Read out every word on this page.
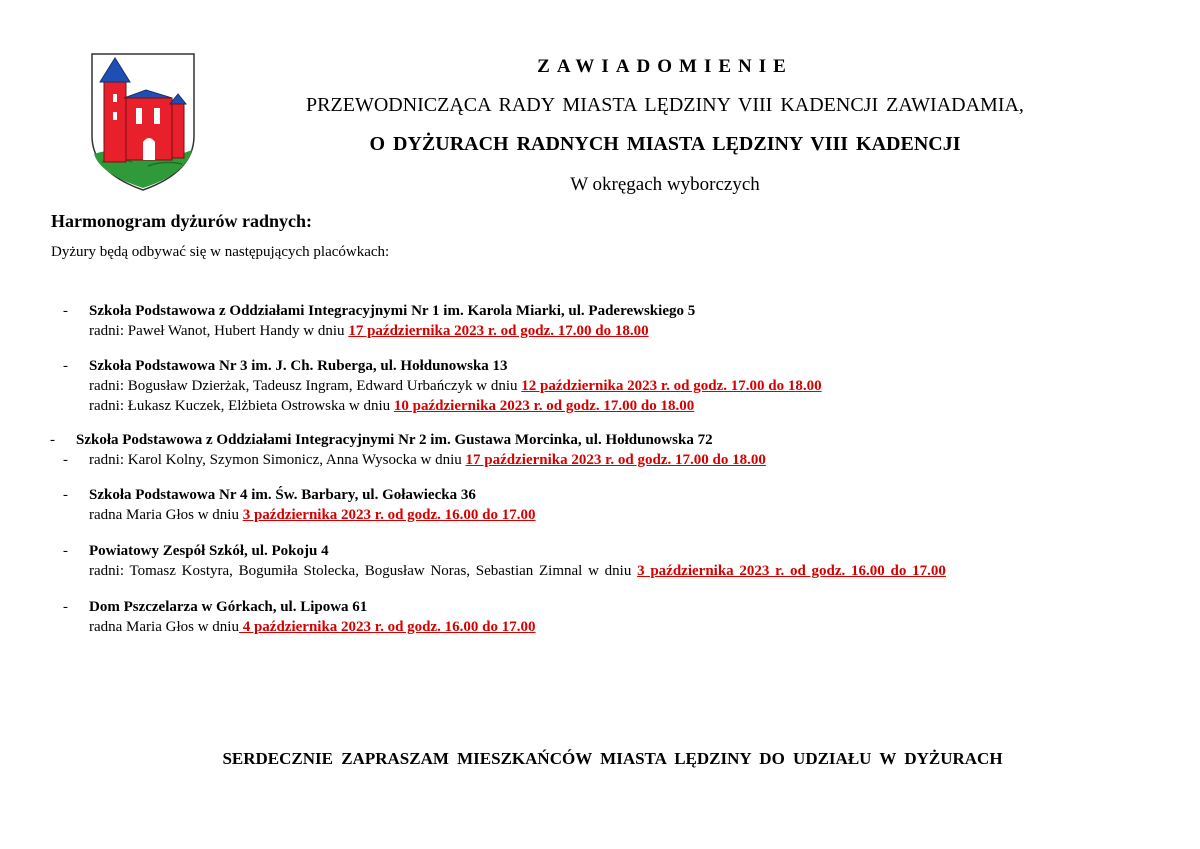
ZAWIADOMIENIE
PRZEWODNICZĄCA RADY MIASTA LĘDZINY VIII KADENCJI ZAWIADAMIA,
O DYŻURACH RADNYCH MIASTA LĘDZINY VIII KADENCJI
W okręgach wyborczych
Harmonogram dyżurów radnych:
Dyżury będą odbywać się w następujących placówkach:
- Szkoła Podstawowa z Oddziałami Integracyjnymi Nr 1 im. Karola Miarki, ul. Paderewskiego 5
radni: Paweł Wanot, Hubert Handy w dniu 17 października 2023 r. od godz. 17.00 do 18.00
- Szkoła Podstawowa Nr 3 im. J. Ch. Ruberga, ul. Hołdunowska 13
radni: Bogusław Dzierżak, Tadeusz Ingram, Edward Urbańczyk w dniu 12 października 2023 r. od godz. 17.00 do 18.00
radni: Łukasz Kuczek, Elżbieta Ostrowska w dniu 10 października 2023 r. od godz. 17.00 do 18.00
- Szkoła Podstawowa z Oddziałami Integracyjnymi Nr 2 im. Gustawa Morcinka, ul. Hołdunowska 72
- radni: Karol Kolny, Szymon Simonicz, Anna Wysocka w dniu 17 października 2023 r. od godz. 17.00 do 18.00
- Szkoła Podstawowa Nr 4 im. Św. Barbary, ul. Goławiecka 36
radna Maria Głos w dniu 3 października 2023 r. od godz. 16.00 do 17.00
- Powiatowy Zespół Szkół, ul. Pokoju 4
radni: Tomasz Kostyra, Bogumiła Stolecka, Bogusław Noras, Sebastian Zimnal w dniu 3 października 2023 r. od godz. 16.00 do 17.00
- Dom Pszczelarza w Górkach, ul. Lipowa 61
radna Maria Głos w dniu 4 października 2023 r. od godz. 16.00 do 17.00
SERDECZNIE ZAPRASZAM MIESZKAŃCÓW MIASTA LĘDZINY DO UDZIAŁU W DYŻURACH
